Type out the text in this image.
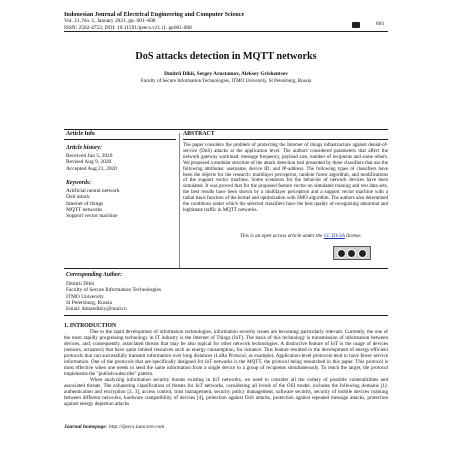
Indonesian Journal of Electrical Engineering and Computer Science
Vol. 21, No. 1, January 2021, pp. 601~608
ISSN: 2502-4752, DOI: 10.11591/ijeecs.v21.i1. pp601-608
601
DoS attacks detection in MQTT networks
Dmitrii Dikii, Sergey Arustamov, Aleksey Grishentsev
Faculty of Secure Information Technologies, ITMO University, St Petersburg, Russia
Article Info	ABSTRACT
Article history:
Received Jun 5, 2020
Revised Aug 9, 2020
Accepted Aug 21, 2020
Keywords:
Artificial neural network
DoS attack
Internet of things
MQTT networks
Support vector machine
The paper considers the problem of protecting the Internet of things infrastructure against denial-of-service (DoS) attacks at the application level. The authors considered parameters that affect the network gateway workload: message frequency, payload size, number of recipients and some others. We proposed a modular structure of the attack detection tool presented by three classifiers that use the following attributes: username, device ID, and IP-address. The following types of classifiers have been the objects for the research: multilayer perceptron, random forest algorithm, and modifications of the support vector machine. Some scenarios for the behavior of network devices have been simulated. It was proved that for the proposed feature vector on simulated training and test data sets, the best results have been shown by a multilayer perceptron and a support vector machine with a radial basis function of the kernel and optimization with SMO algorithm. The authors also determined the conditions under which the selected classifiers have the best quality of recognizing abnormal and legitimate traffic in MQTT networks.
This is an open access article under the CC BY-SA license.
Corresponding Author:
Dmitrii Dikii
Faculty of Secure Information Technologies
ITMO University
St Petersburg, Russia
Email: dimandikiy@mail.ru
1. INTRODUCTION
Due to the rapid development of information technologies, information security issues are becoming particularly relevant. Currently, the one of the most rapidly progressing technology in IT industry is the Internet of Things (IoT). The basis of this technology is transmission of information between devices, and, consequently, associated threats that may be also topical for other network technologies. A distinctive feature of IoT is the usage of devices (sensors, actuators) that have quite limited resources such as energy consumption, for instance. This feature resulted in the development of energy-efficient protocols that can successfully transmit information over long distances (LoRa Protocol, as example). Application-level protocols tend to have fewer service information. One of the protocols that are specifically designed for IoT networks is the MQTT, the protocol being researched in this paper. This protocol is most effective when one needs to send the same information from a single device to a group of recipients simultaneously. To reach the target, the protocol implements the "publish-subscribe" pattern.
When analyzing information security threats existing in IoT networks, we need to consider all the variety of possible vulnerabilities and associated threats. The exhausting classification of threats for IoT networks, considering all levels of the OSI model, includes the following domains [1]: authentication and encryption [2, 3], access control, trust management, security policy management, software security, security of mobile devices roaming between different networks, hardware compatibility of devices [4], protection against DoS attacks, protection against repeated message attacks, protection against energy depletion attacks
Journal homepage: http://ijeecs.iaescore.com
